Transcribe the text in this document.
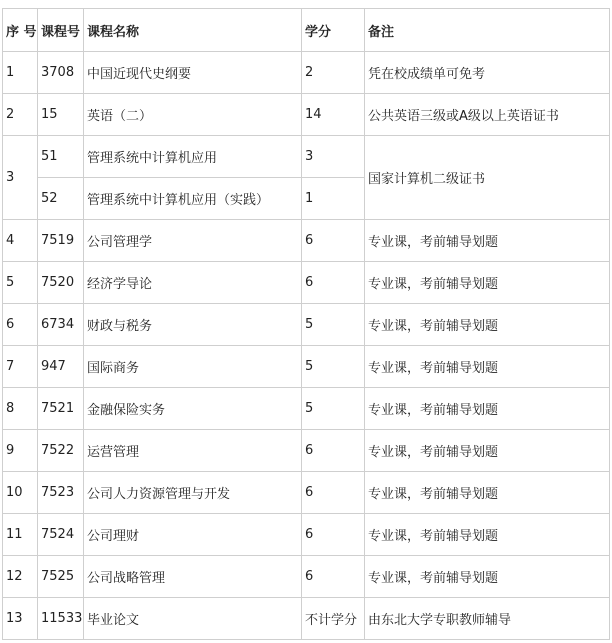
序 号	课程号	课程名称	学分	备注
1	3708	中国近现代史纲要	2	凭在校成绩单可免考
2	15	英语（二）	14	公共英语三级或A级以上英语证书
3	51	管理系统中计算机应用	3	国家计算机二级证书
	52	管理系统中计算机应用（实践）	1	
4	7519	公司管理学	6	专业课，考前辅导划题
5	7520	经济学导论	6	专业课，考前辅导划题
6	6734	财政与税务	5	专业课，考前辅导划题
7	947	国际商务	5	专业课，考前辅导划题
8	7521	金融保险实务	5	专业课，考前辅导划题
9	7522	运营管理	6	专业课，考前辅导划题
10	7523	公司人力资源管理与开发	6	专业课，考前辅导划题
11	7524	公司理财	6	专业课，考前辅导划题
12	7525	公司战略管理	6	专业课，考前辅导划题
13	11533	毕业论文	不计学分	由东北大学专职教师辅导
